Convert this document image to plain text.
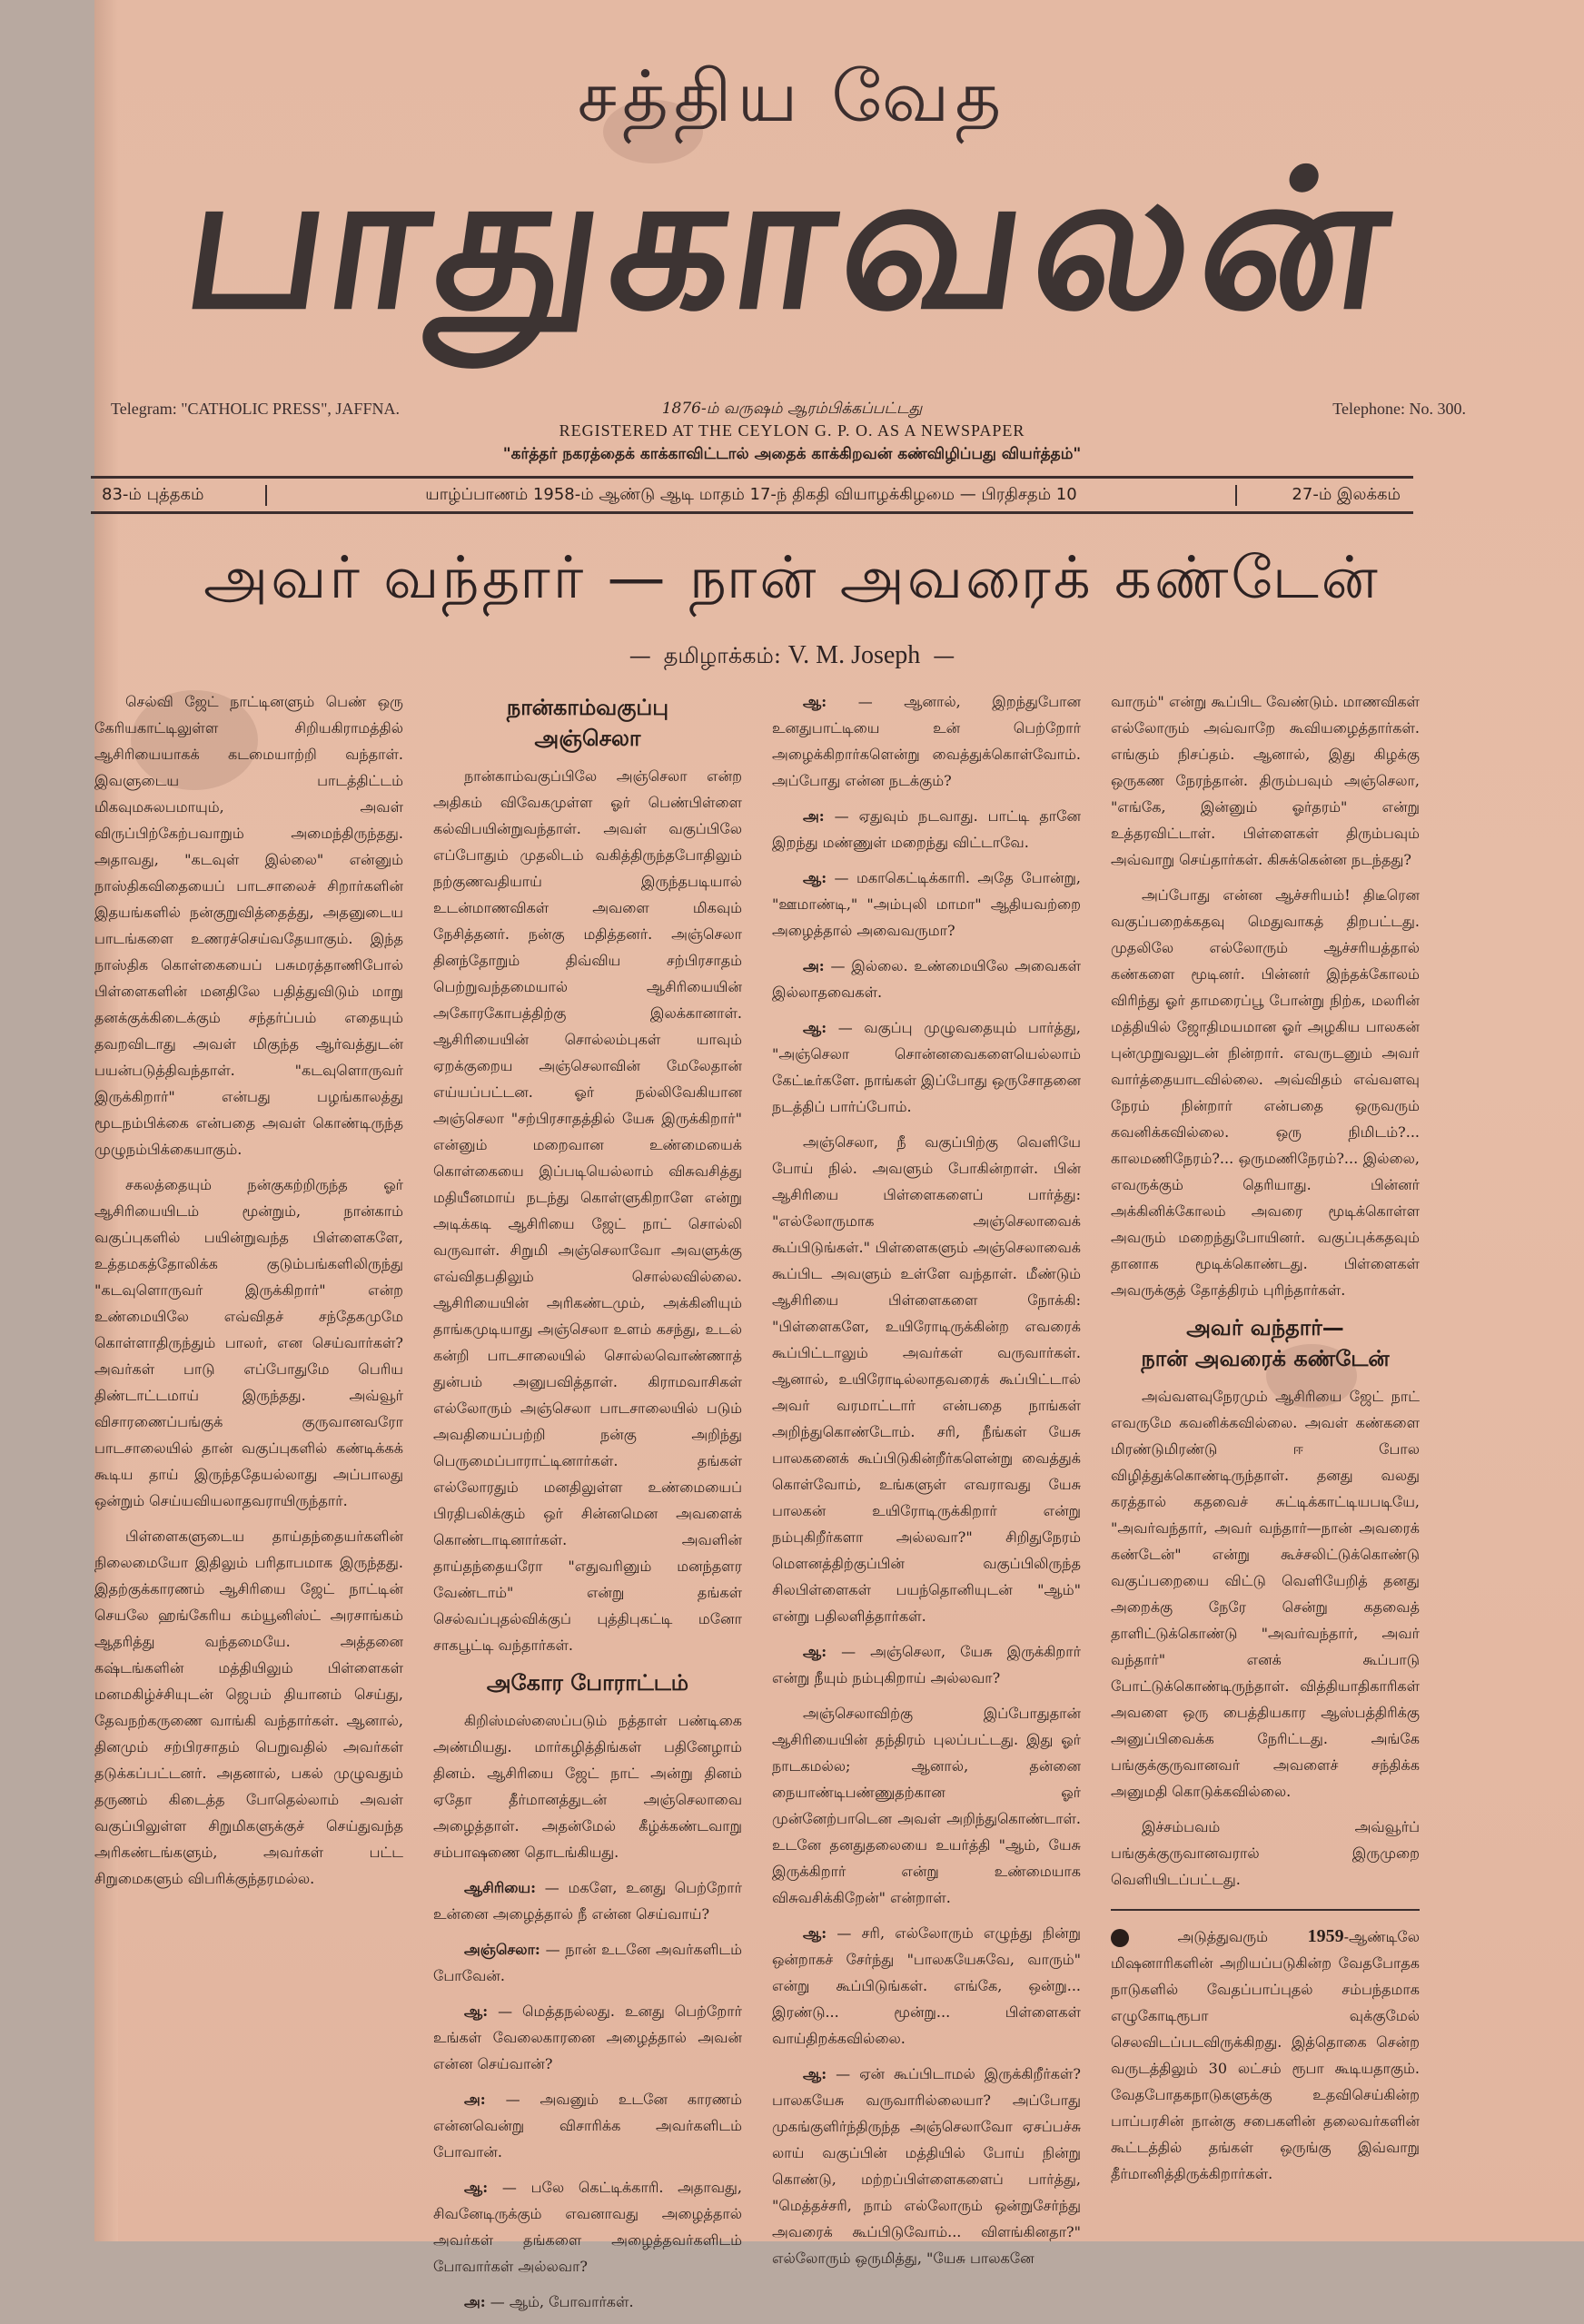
சத்திய வேத
பாதுகாவலன்
Telegram: "CATHOLIC PRESS", JAFFNA.	1876-ம் வருஷம் ஆரம்பிக்கப்பட்டது	Telephone: No. 300.
REGISTERED AT THE CEYLON G. P. O. AS A NEWSPAPER
"கர்த்தர் நகரத்தைக் காக்காவிட்டால் அதைக் காக்கிறவன் கண்விழிப்பது வியர்த்தம்"
83-ம் புத்தகம்	யாழ்ப்பாணம் 1958-ம் ஆண்டு ஆடி மாதம் 17-ந் திகதி வியாழக்கிழமை — பிரதிசதம் 10	27-ம் இலக்கம்
அவர் வந்தார் — நான் அவரைக் கண்டேன்
— தமிழாக்கம்: V. M. Joseph —

செல்வி ஜேட் நாட்டினளும் பெண் ஒரு கேரியகாட்டிலுள்ள சிறியகிராமத்தில் ஆசிரியையாகக் கடமையாற்றி வந்தாள். இவளுடைய பாடத்திட்டம் மிகவுமசுலபமாயும், அவள் விருப்பிற்கேற்பவாறும் அமைந்திருந்தது. அதாவது, "கடவுள் இல்லை" என்னும் நாஸ்திகவிதையைப் பாடசாலைச் சிறார்களின் இதயங்களில் நன்குறுவித்தைத்து, அதனுடைய பாடங்களை உணரச்செய்வதேயாகும். இந்த நாஸ்திக கொள்கையைப் பசுமரத்தாணிபோல் பிள்ளைகளின் மனதிலே பதித்துவிடும் மாறு தனக்குக்கிடைக்கும் சந்தர்ப்பம் எதையும் தவறவிடாது அவள் மிகுந்த ஆர்வத்துடன் பயன்படுத்திவந்தாள். "கடவுளொருவர் இருக்கிறார்" என்பது பழங்காலத்து மூடநம்பிக்கை என்பதை அவள் கொண்டிருந்த முழுநம்பிக்கையாகும்.

சகலத்தையும் நன்குகற்றிருந்த ஓர் ஆசிரியையிடம் மூன்றும், நான்காம் வகுப்புகளில் பயின்றுவந்த பிள்ளைகளே, உத்தமகத்தோலிக்க குடும்பங்களிலிருந்து "கடவுளொருவர் இருக்கிறார்" என்ற உண்மையிலே எவ்விதச் சந்தேகமுமே கொள்ளாதிருந்தும் பாலர், என செய்வார்கள்? அவர்கள் பாடு எப்போதுமே பெரிய திண்டாட்டமாய் இருந்தது. அவ்வூர் விசாரணைப்பங்குக் குருவானவரோ பாடசாலையில் தான் வகுப்புகளில் கண்டிக்கக் கூடிய தாய் இருந்ததேயல்லாது அப்பாலது ஒன்றும் செய்யவியலாதவராயிருந்தார்.

பிள்ளைகளுடைய தாய்தந்தையர்களின் நிலைமையோ இதிலும் பரிதாபமாக இருந்தது. இதற்குக்காரணம் ஆசிரியை ஜேட் நாட்டின் செயலே ஹங்கேரிய கம்யூனிஸ்ட் அரசாங்கம் ஆதரித்து வந்தமையே. அத்தனை கஷ்டங்களின் மத்தியிலும் பிள்ளைகள் மனமகிழ்ச்சியுடன் ஜெபம் தியானம் செய்து, தேவநற்கருணை வாங்கி வந்தார்கள். ஆனால், தினமும் சற்பிரசாதம் பெறுவதில் அவர்கள் தடுக்கப்பட்டனர். அதனால், பகல் முழுவதும் தருணம் கிடைத்த போதெல்லாம் அவள் வகுப்பிலுள்ள சிறுமிகளுக்குச் செய்துவந்த அரிகண்டங்களும், அவர்கள் பட்ட சிறுமைகளும் விபரிக்குந்தரமல்ல.

நான்காம்வகுப்பு
அஞ்செலா

நான்காம்வகுப்பிலே அஞ்செலா என்ற அதிகம் விவேகமுள்ள ஓர் பெண்பிள்ளை கல்விபயின்றுவந்தாள். அவள் வகுப்பிலே எப்போதும் முதலிடம் வகித்திருந்தபோதிலும் நற்குணவதியாய் இருந்தபடியால் உடன்மாணவிகள் அவளை மிகவும் நேசித்தனர். நன்கு மதித்தனர். அஞ்செலா தினந்தோறும் திவ்விய சற்பிரசாதம் பெற்றுவந்தமையால் ஆசிரியையின் அகோரகோபத்திற்கு இலக்கானாள். ஆசிரியையின் சொல்லம்புகள் யாவும் ஏறக்குறைய அஞ்செலாவின் மேலேதான் எய்யப்பட்டன. ஓர் நல்லிவேகியான அஞ்செலா "சற்பிரசாதத்தில் யேசு இருக்கிறார்" என்னும் மறைவான உண்மையைக் கொள்கையை இப்படியெல்லாம் விசுவசித்து மதியீனமாய் நடந்து கொள்ளுகிறாளே என்று அடிக்கடி ஆசிரியை ஜேட் நாட் சொல்லி வருவாள். சிறுமி அஞ்செலாவோ அவளுக்கு எவ்விதபதிலும் சொல்லவில்லை. ஆசிரியையின் அரிகண்டமும், அக்கினியும் தாங்கமுடியாது அஞ்செலா உளம் கசந்து, உடல் கன்றி பாடசாலையில் சொல்லவொண்ணாத் துன்பம் அனுபவித்தாள். கிராமவாசிகள் எல்லோரும் அஞ்செலா பாடசாலையில் படும் அவதியைப்பற்றி நன்கு அறிந்து பெருமைப்பாராட்டினார்கள். தங்கள் எல்லோரதும் மனதிலுள்ள உண்மையைப் பிரதிபலிக்கும் ஒர் சின்னமென அவளைக் கொண்டாடினார்கள். அவளின் தாய்தந்தையரோ "எதுவரினும் மனந்தளர வேண்டாம்" என்று தங்கள் செல்வப்புதல்விக்குப் புத்திபுகட்டி மனோ சாகபூட்டி வந்தார்கள்.

அகோர போராட்டம்

கிறிஸ்மஸ்ஸைப்படும் நத்தாள் பண்டிகை அண்மியது. மார்கழித்திங்கள் பதினேழாம் தினம். ஆசிரியை ஜேட் நாட் அன்று தினம் ஏதோ தீர்மானத்துடன் அஞ்செலாவை அழைத்தாள். அதன்மேல் கீழ்க்கண்டவாறு சம்பாஷணை தொடங்கியது.

ஆசிரியை: — மகளே, உனது பெற்றோர் உன்னை அழைத்தால் நீ என்ன செய்வாய்?

அஞ்செலா: — நான் உடனே அவர்களிடம் போவேன்.

ஆ: — மெத்தநல்லது. உனது பெற்றோர் உங்கள் வேலைகாரனை அழைத்தால் அவன் என்ன செய்வான்?

அ: — அவனும் உடனே காரணம் என்னவென்று விசாரிக்க அவர்களிடம் போவான்.

ஆ: — பலே கெட்டிக்காரி. அதாவது, சிவனேடிருக்கும் எவனாவது அழைத்தால் அவர்கள் தங்களை அழைத்தவர்களிடம் போவார்கள் அல்லவா?

அ: — ஆம், போவார்கள்.

ஆ: — ஆனால், இறந்துபோன உனதுபாட்டியை உன் பெற்றோர் அழைக்கிறார்களென்று வைத்துக்கொள்வோம். அப்போது என்ன நடக்கும்?

அ: — ஏதுவும் நடவாது. பாட்டி தானே இறந்து மண்ணுள் மறைந்து விட்டாவே.

ஆ: — மகாகெட்டிக்காரி. அதே போன்று, "ஊமாண்டி," "அம்புலி மாமா" ஆதியவற்றை அழைத்தால் அவைவருமா?

அ: — இல்லை. உண்மையிலே அவைகள் இல்லாதவைகள்.

ஆ: — வகுப்பு முழுவதையும் பார்த்து, "அஞ்செலா சொன்னவைகளையெல்லாம் கேட்டீர்களே. நாங்கள் இப்போது ஒருசோதனை நடத்திப் பார்ப்போம்.

அஞ்செலா, நீ வகுப்பிற்கு வெளியே போய் நில். அவளும் போகின்றாள். பின் ஆசிரியை பிள்ளைகளைப் பார்த்து: "எல்லோருமாக அஞ்செலாவைக் கூப்பிடுங்கள்." பிள்ளைகளும் அஞ்செலாவைக் கூப்பிட அவளும் உள்ளே வந்தாள். மீண்டும் ஆசிரியை பிள்ளைகளை நோக்கி: "பிள்ளைகளே, உயிரோடிருக்கின்ற எவரைக் கூப்பிட்டாலும் அவர்கள் வருவார்கள். ஆனால், உயிரோடில்லாதவரைக் கூப்பிட்டால் அவர் வரமாட்டார் என்பதை நாங்கள் அறிந்துகொண்டோம். சரி, நீங்கள் யேசு பாலகனைக் கூப்பிடுகின்றீர்களென்று வைத்துக் கொள்வோம், உங்களுள் எவராவது யேசு பாலகன் உயிரோடிருக்கிறார் என்று நம்புகிறீர்களா அல்லவா?" சிறிதுநேரம் மௌனத்திற்குப்பின் வகுப்பிலிருந்த சிலபிள்ளைகள் பயந்தொனியுடன் "ஆம்" என்று பதிலளித்தார்கள்.

ஆ: — அஞ்செலா, யேசு இருக்கிறார் என்று நீயும் நம்புகிறாய் அல்லவா?

அஞ்செலாவிற்கு இப்போதுதான் ஆசிரியையின் தந்திரம் புலப்பட்டது. இது ஓர் நாடகமல்ல; ஆனால், தன்னை நையாண்டிபண்ணுதற்கான ஓர் முன்னேற்பாடென அவள் அறிந்துகொண்டாள். உடனே தனதுதலையை உயர்த்தி "ஆம், யேசு இருக்கிறார் என்று உண்மையாக விசுவசிக்கிறேன்" என்றாள்.

ஆ: — சரி, எல்லோரும் எழுந்து நின்று ஒன்றாகச் சேர்ந்து "பாலகயேசுவே, வாரும்" என்று கூப்பிடுங்கள். எங்கே, ஒன்று... இரண்டு... மூன்று... பிள்ளைகள் வாய்திறக்கவில்லை.

ஆ: — ஏன் கூப்பிடாமல் இருக்கிறீர்கள்? பாலகயேசு வருவாரில்லையா? அப்போது முகங்குளிர்ந்திருந்த அஞ்செலாவோ ஏசப்பச்சு லாய் வகுப்பின் மத்தியில் போய் நின்று கொண்டு, மற்றப்பிள்ளைகளைப் பார்த்து, "மெத்தச்சரி, நாம் எல்லோரும் ஒன்றுசேர்ந்து அவரைக் கூப்பிடுவோம்... விளங்கினதா?" எல்லோரும் ஒருமித்து, "யேசு பாலகனே

வாரும்" என்று கூப்பிட வேண்டும். மாணவிகள் எல்லோரும் அவ்வாறே கூவியழைத்தார்கள். எங்கும் நிசப்தம். ஆனால், இது கிழக்கு ஒருகண நேரந்தான். திரும்பவும் அஞ்செலா, "எங்கே, இன்னும் ஓர்தரம்" என்று உத்தரவிட்டாள். பிள்ளைகள் திரும்பவும் அவ்வாறு செய்தார்கள். கிசுக்கென்ன நடந்தது?

அப்போது என்ன ஆச்சரியம்! திடீரென வகுப்பறைக்கதவு மெதுவாகத் திறபட்டது. முதலிலே எல்லோரும் ஆச்சரியத்தால் கண்களை மூடினர். பின்னர் இந்தக்கோலம் விரிந்து ஓர் தாமரைப்பூ போன்று நிற்க, மலரின் மத்தியில் ஜோதிமயமான ஓர் அழகிய பாலகன் புன்முறுவலுடன் நின்றார். எவருடனும் அவர் வார்த்தையாடவில்லை. அவ்விதம் எவ்வளவு நேரம் நின்றார் என்பதை ஒருவரும் கவனிக்கவில்லை. ஒரு நிமிடம்?... காலமணிநேரம்?... ஒருமணிநேரம்?... இல்லை, எவருக்கும் தெரியாது. பின்னர் அக்கினிக்கோலம் அவரை மூடிக்கொள்ள அவரும் மறைந்துபோயினர். வகுப்புக்கதவும் தானாக மூடிக்கொண்டது. பிள்ளைகள் அவருக்குத் தோத்திரம் புரிந்தார்கள்.

அவர் வந்தார்—
நான் அவரைக் கண்டேன்

அவ்வளவுநேரமும் ஆசிரியை ஜேட் நாட் எவருமே கவனிக்கவில்லை. அவள் கண்களை மிரண்டுமிரண்டு ஈ போல விழித்துக்கொண்டிருந்தாள். தனது வலது கரத்தால் கதவைச் சுட்டிக்காட்டியபடியே, "அவர்வந்தார், அவர் வந்தார்—நான் அவரைக் கண்டேன்" என்று கூச்சலிட்டுக்கொண்டு வகுப்பறையை விட்டு வெளியேறித் தனது அறைக்கு நேரே சென்று கதவைத் தாளிட்டுக்கொண்டு "அவர்வந்தார், அவர் வந்தார்" எனக் கூப்பாடு போட்டுக்கொண்டிருந்தாள். வித்தியாதிகாரிகள் அவளை ஒரு பைத்தியகார ஆஸ்பத்திரிக்கு அனுப்பிவைக்க நேரிட்டது. அங்கே பங்குக்குருவானவர் அவளைச் சந்திக்க அனுமதி கொடுக்கவில்லை.

இச்சம்பவம் அவ்வூர்ப் பங்குக்குருவானவரால் இருமுறை வெளியிடப்பட்டது.

அடுத்துவரும் 1959-ஆண்டிலே மிஷனாரிகளின் அறியப்படுகின்ற வேதபோதக நாடுகளில் வேதப்பாப்புதல் சம்பந்தமாக எழுகோடிரூபா வுக்குமேல் செலவிடப்படவிருக்கிறது. இத்தொகை சென்ற வருடத்திலும் 30 லட்சம் ரூபா கூடியதாகும். வேதபோதகநாடுகளுக்கு உதவிசெய்கின்ற பாப்பரசின் நான்கு சபைகளின் தலைவர்களின் கூட்டத்தில் தங்கள் ஒருங்கு இவ்வாறு தீர்மானித்திருக்கிறார்கள்.
